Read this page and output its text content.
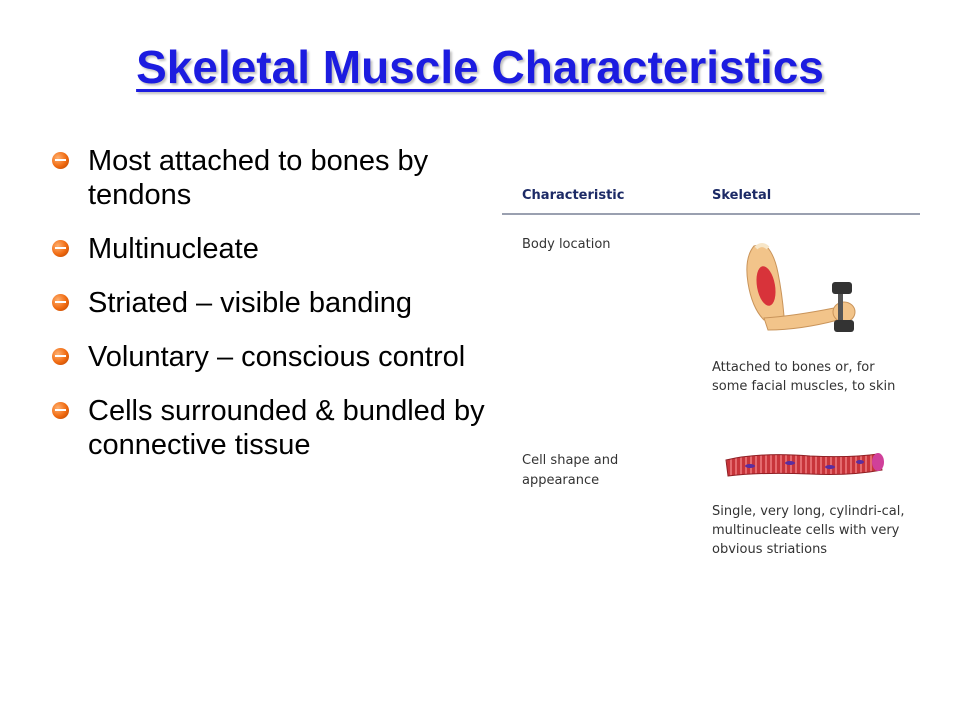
Skeletal Muscle Characteristics
Most attached to bones by tendons
Multinucleate
Striated – visible banding
Voluntary – conscious control
Cells surrounded & bundled by connective tissue
Characteristic	Skeletal
Body location
Attached to bones or, for some facial muscles, to skin
Cell shape and appearance
Single, very long, cylindri-cal, multinucleate cells with very obvious striations
